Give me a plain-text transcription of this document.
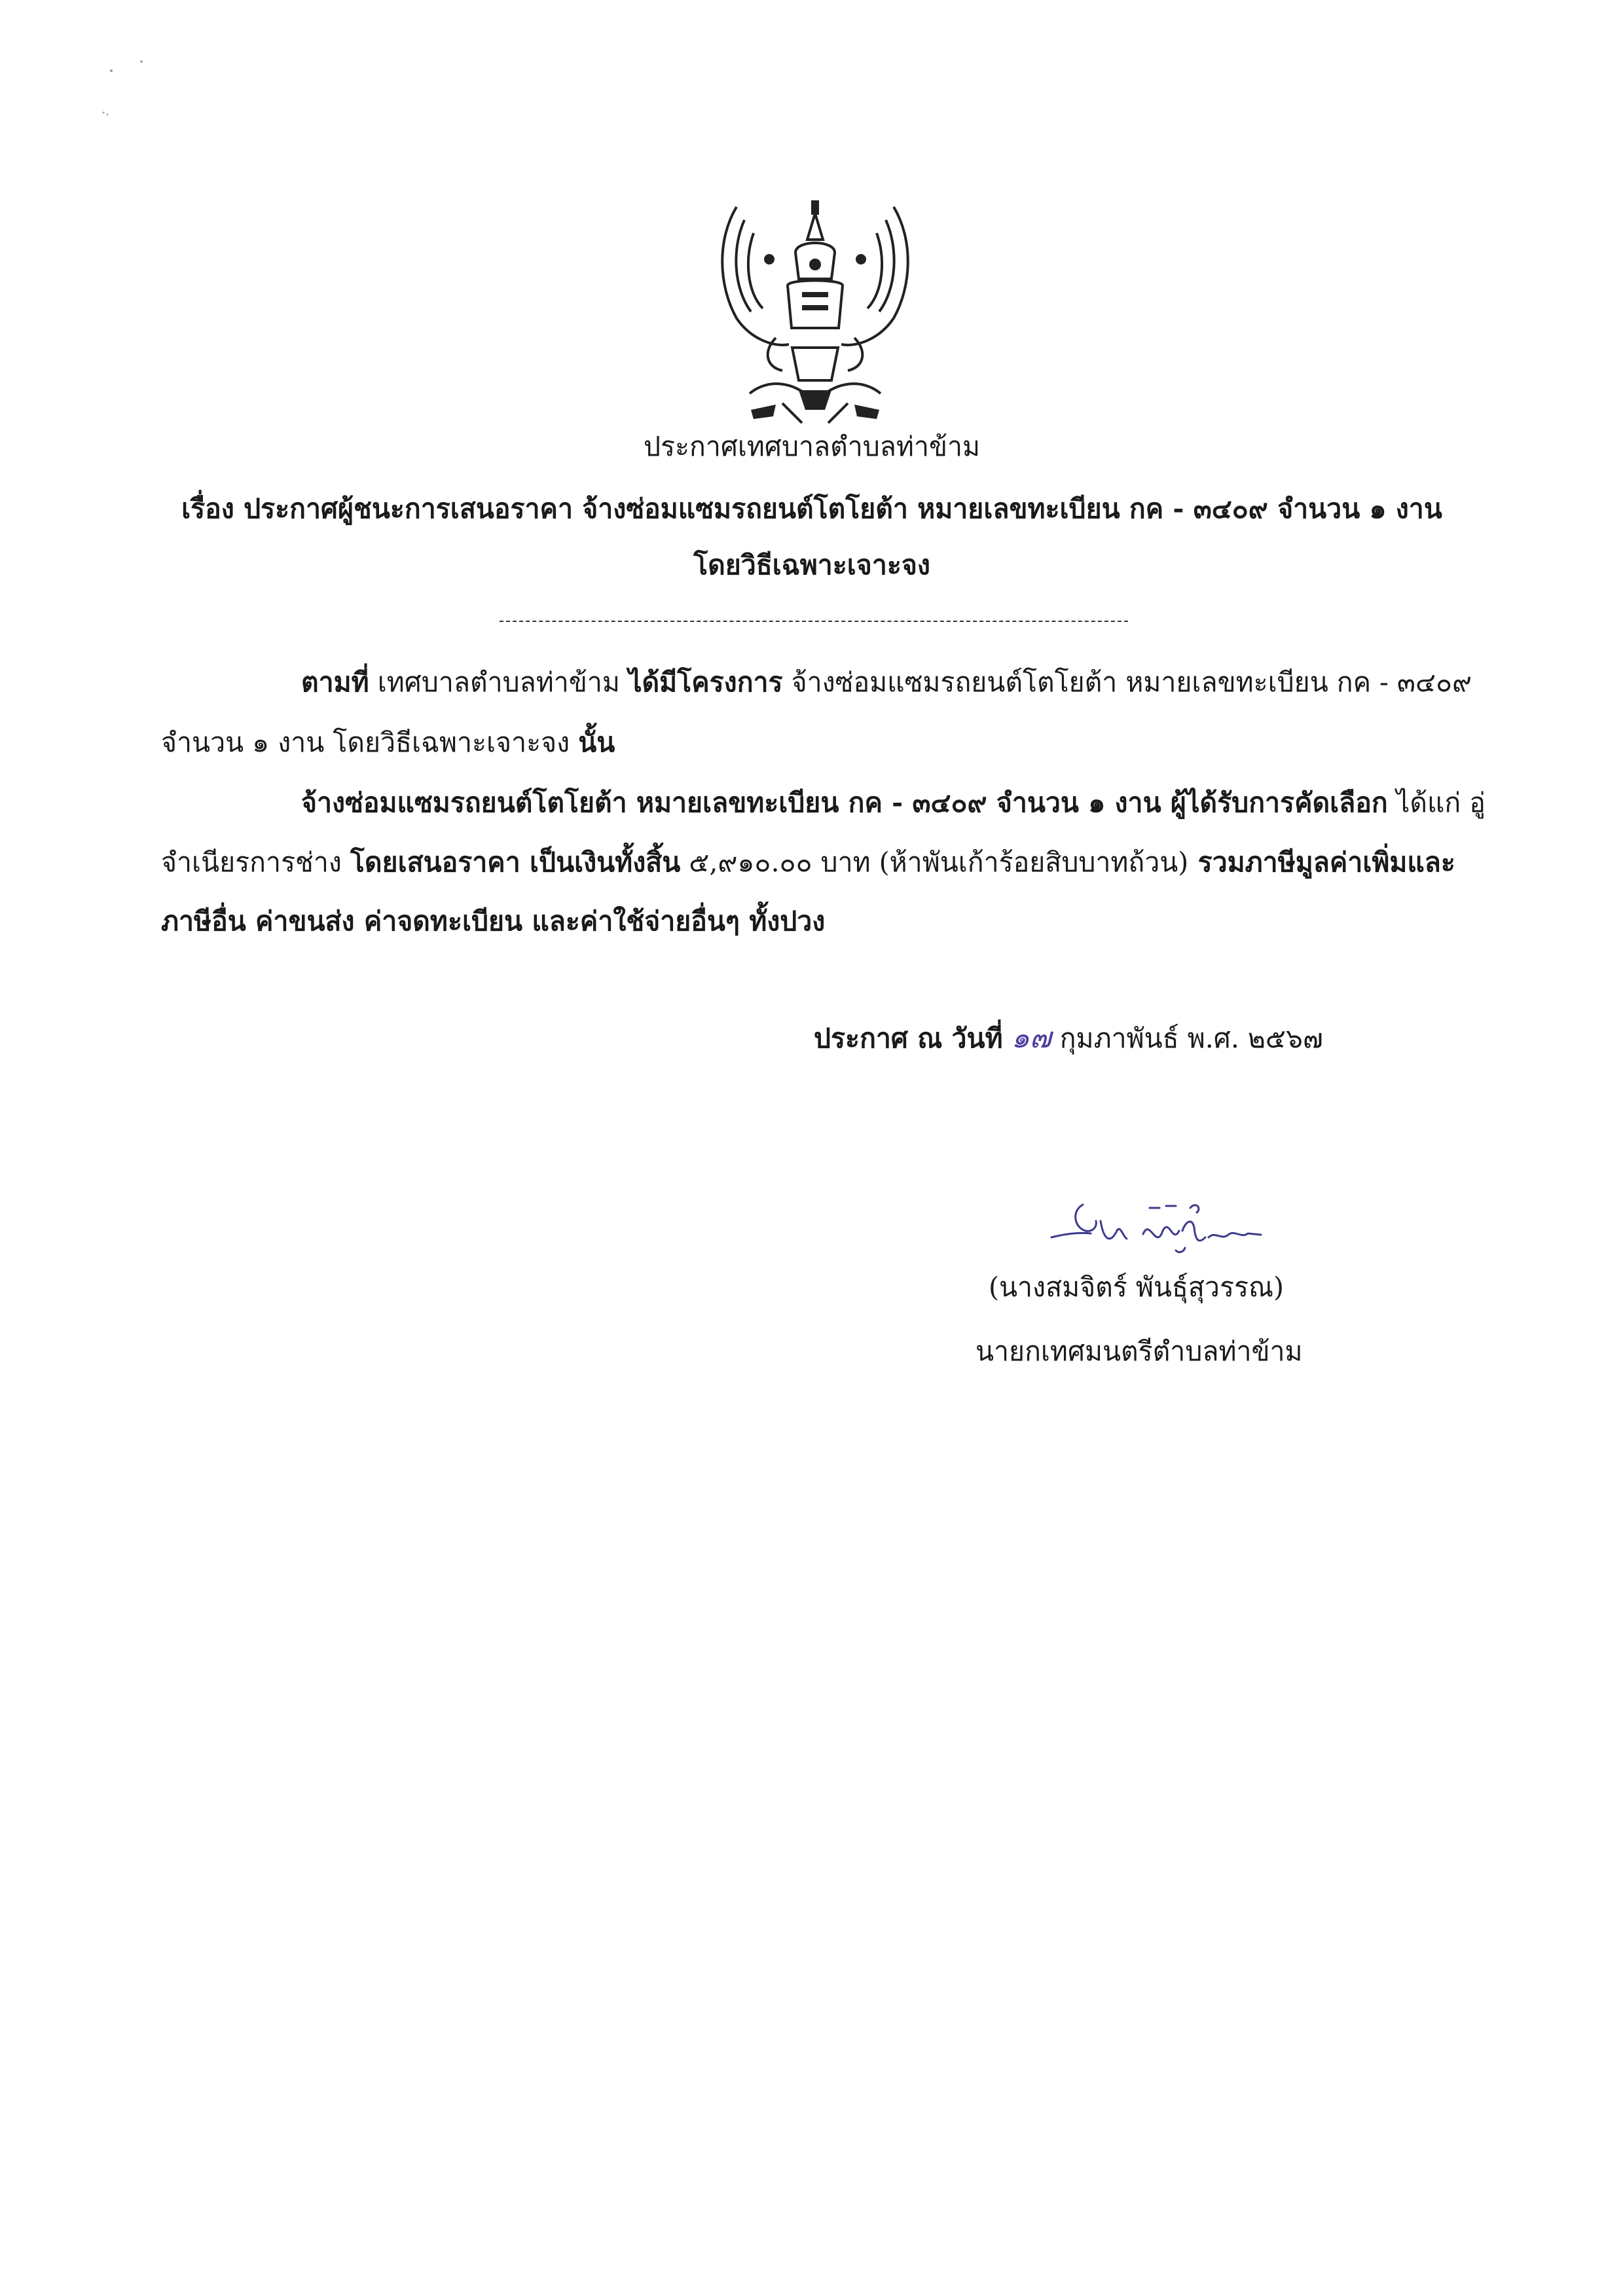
ประกาศเทศบาลตำบลท่าข้าม
เรื่อง ประกาศผู้ชนะการเสนอราคา จ้างซ่อมแซมรถยนต์โตโยต้า หมายเลขทะเบียน กค - ๓๔๐๙ จำนวน ๑ งาน
โดยวิธีเฉพาะเจาะจง
ตามที่ เทศบาลตำบลท่าข้าม ได้มีโครงการ จ้างซ่อมแซมรถยนต์โตโยต้า หมายเลขทะเบียน กค - ๓๔๐๙
จำนวน ๑ งาน โดยวิธีเฉพาะเจาะจง นั้น
จ้างซ่อมแซมรถยนต์โตโยต้า หมายเลขทะเบียน กค - ๓๔๐๙ จำนวน ๑ งาน ผู้ได้รับการคัดเลือก ได้แก่ อู่
จำเนียรการช่าง โดยเสนอราคา เป็นเงินทั้งสิ้น ๕,๙๑๐.๐๐ บาท (ห้าพันเก้าร้อยสิบบาทถ้วน) รวมภาษีมูลค่าเพิ่มและ
ภาษีอื่น ค่าขนส่ง ค่าจดทะเบียน และค่าใช้จ่ายอื่นๆ ทั้งปวง
ประกาศ ณ วันที่ ๑๗ กุมภาพันธ์ พ.ศ. ๒๕๖๗
(นางสมจิตร์ พันธุ์สุวรรณ)
นายกเทศมนตรีตำบลท่าข้าม
